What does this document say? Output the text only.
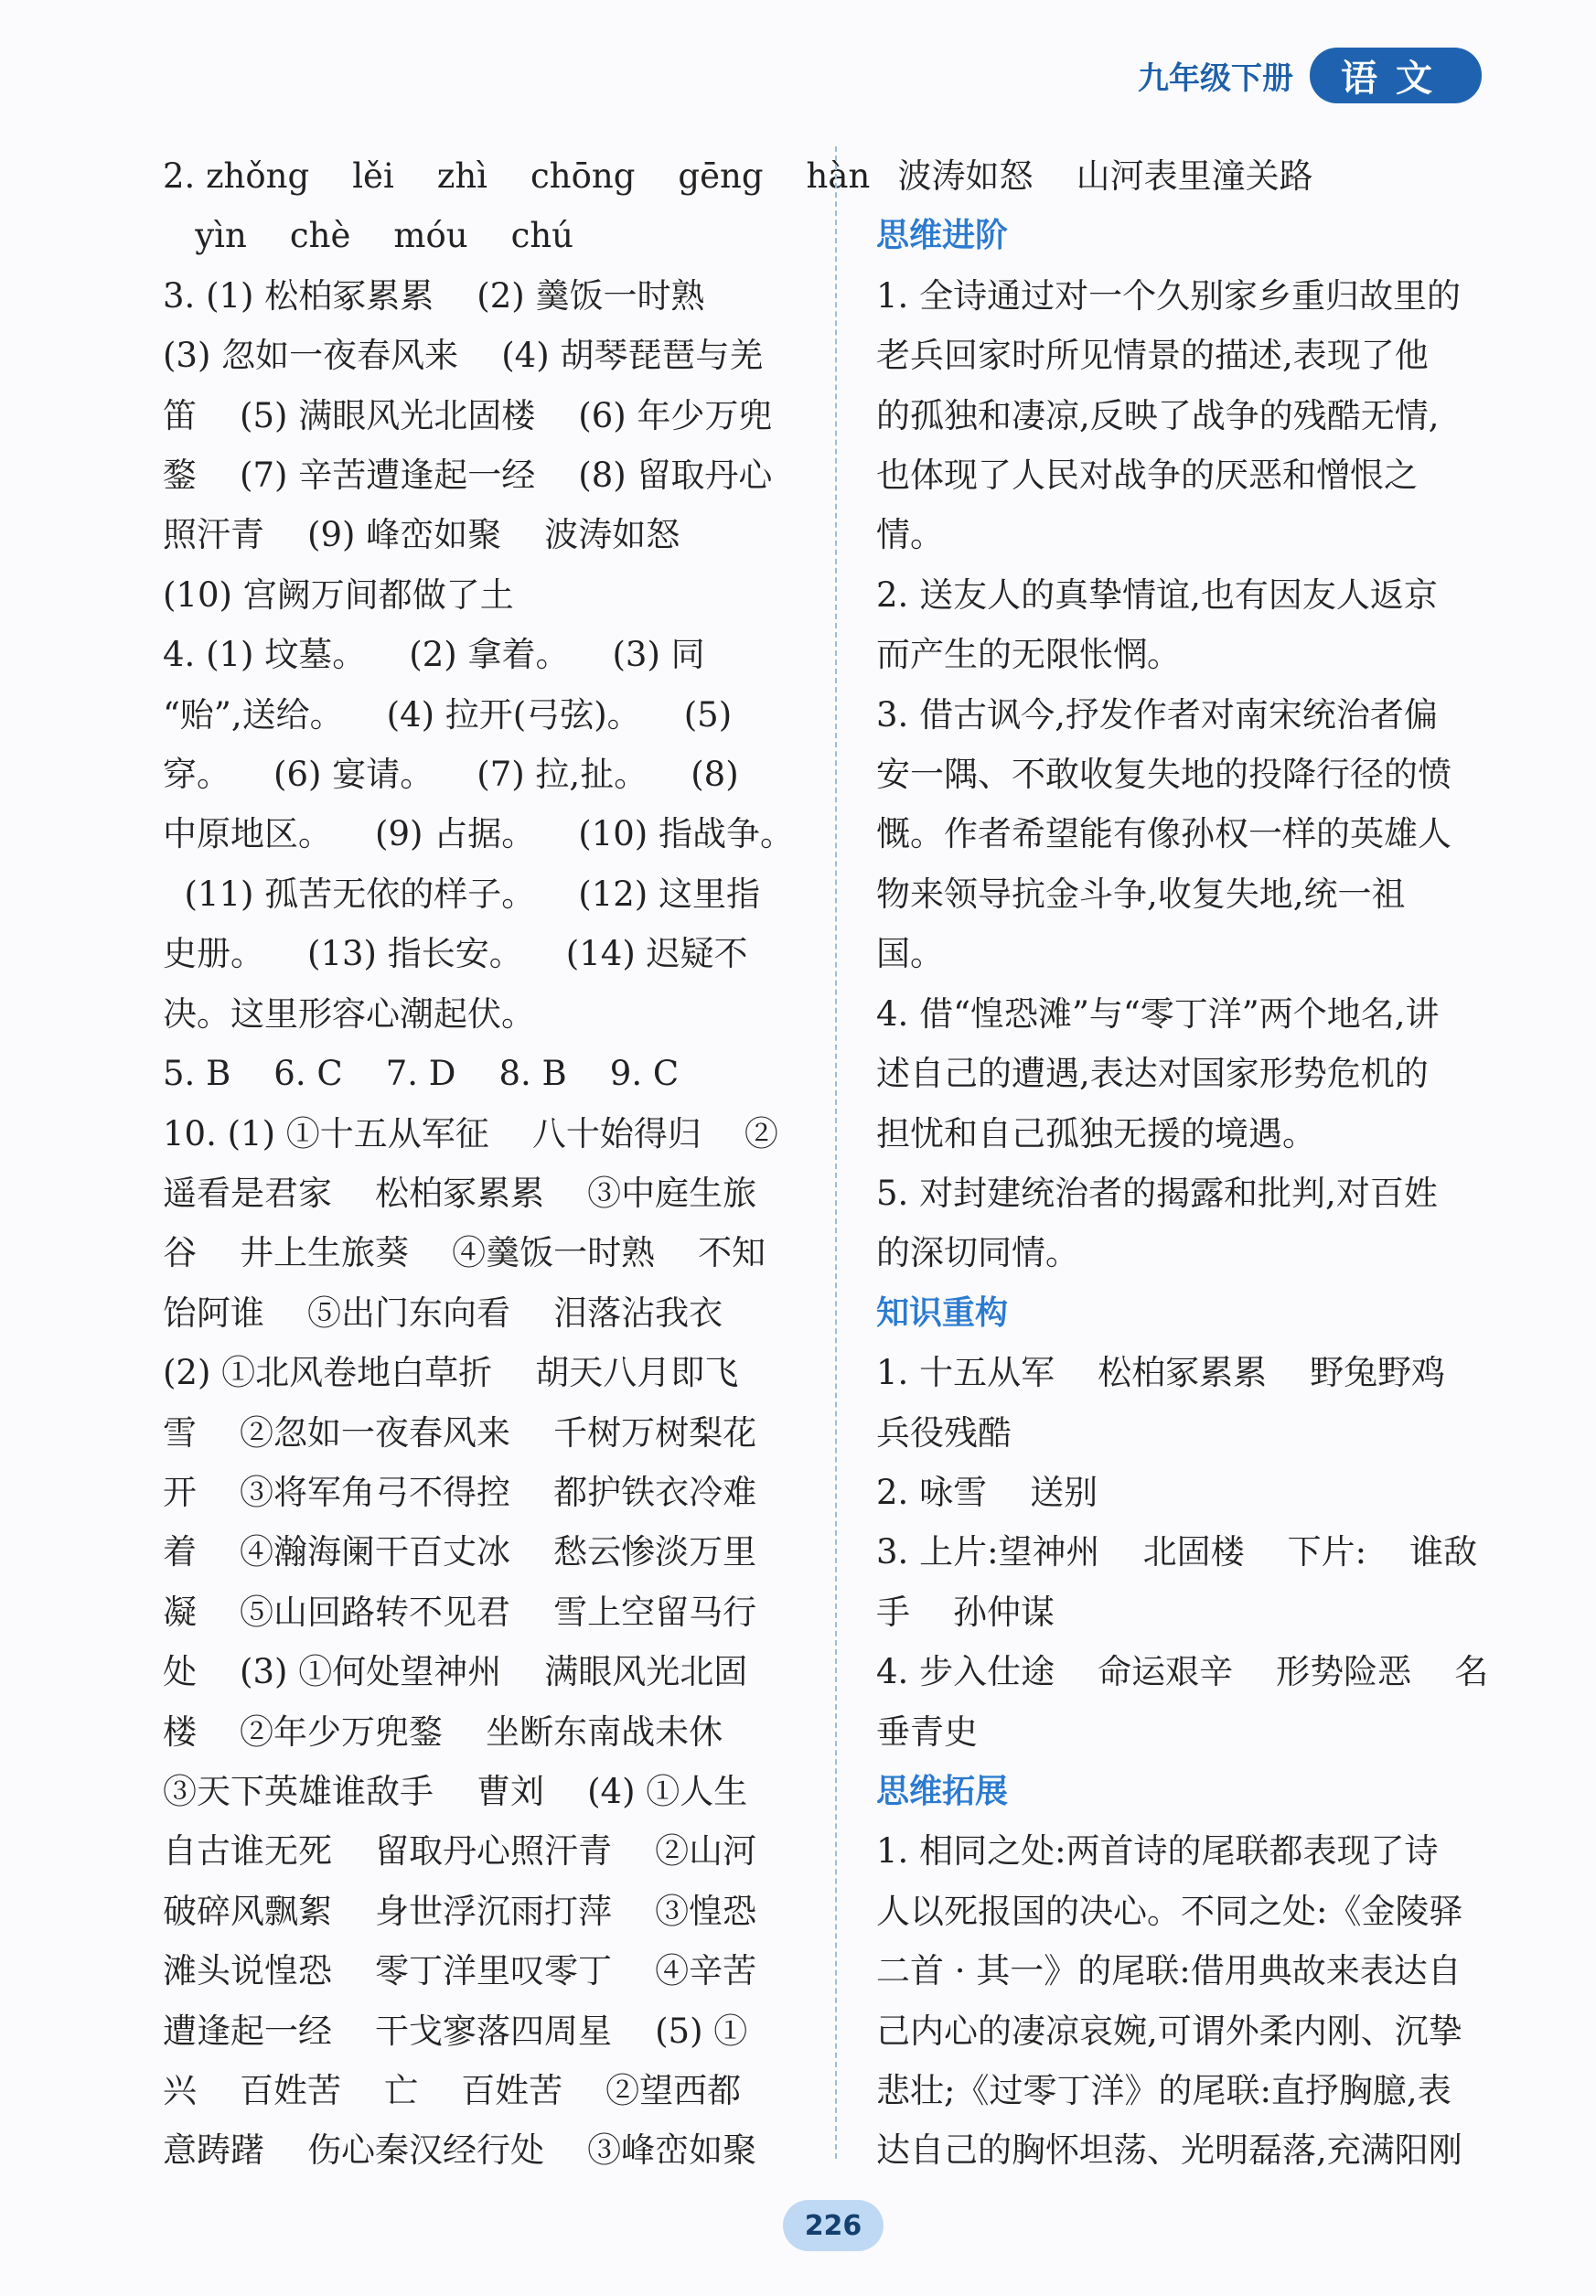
九年级下册	语文
2. zhǒng    lěi    zhì    chōng    gēng    hàn
yìn    chè    móu    chú
3. (1) 松柏冢累累    (2) 羹饭一时熟
(3) 忽如一夜春风来    (4) 胡琴琵琶与羌
笛    (5) 满眼风光北固楼    (6) 年少万兜
鍪    (7) 辛苦遭逢起一经    (8) 留取丹心
照汗青    (9) 峰峦如聚    波涛如怒
(10) 宫阙万间都做了土
4. (1) 坟墓。    (2) 拿着。    (3) 同
“贻”,送给。    (4) 拉开(弓弦)。    (5)
穿。    (6) 宴请。    (7) 拉,扯。    (8)
中原地区。    (9) 占据。    (10) 指战争。
(11) 孤苦无依的样子。    (12) 这里指
史册。    (13) 指长安。    (14) 迟疑不
决。这里形容心潮起伏。
5. B    6. C    7. D    8. B    9. C
10. (1) ①十五从军征    八十始得归    ②
遥看是君家    松柏冢累累    ③中庭生旅
谷    井上生旅葵    ④羹饭一时熟    不知
饴阿谁    ⑤出门东向看    泪落沾我衣
(2) ①北风卷地白草折    胡天八月即飞
雪    ②忽如一夜春风来    千树万树梨花
开    ③将军角弓不得控    都护铁衣冷难
着    ④瀚海阑干百丈冰    愁云惨淡万里
凝    ⑤山回路转不见君    雪上空留马行
处    (3) ①何处望神州    满眼风光北固
楼    ②年少万兜鍪    坐断东南战未休
③天下英雄谁敌手    曹刘    (4) ①人生
自古谁无死    留取丹心照汗青    ②山河
破碎风飘絮    身世浮沉雨打萍    ③惶恐
滩头说惶恐    零丁洋里叹零丁    ④辛苦
遭逢起一经    干戈寥落四周星    (5) ①
兴    百姓苦    亡    百姓苦    ②望西都
意踌躇    伤心秦汉经行处    ③峰峦如聚
波涛如怒    山河表里潼关路
思维进阶
1. 全诗通过对一个久别家乡重归故里的
老兵回家时所见情景的描述,表现了他
的孤独和凄凉,反映了战争的残酷无情,
也体现了人民对战争的厌恶和憎恨之
情。
2. 送友人的真挚情谊,也有因友人返京
而产生的无限怅惘。
3. 借古讽今,抒发作者对南宋统治者偏
安一隅、不敢收复失地的投降行径的愤
慨。作者希望能有像孙权一样的英雄人
物来领导抗金斗争,收复失地,统一祖
国。
4. 借“惶恐滩”与“零丁洋”两个地名,讲
述自己的遭遇,表达对国家形势危机的
担忧和自己孤独无援的境遇。
5. 对封建统治者的揭露和批判,对百姓
的深切同情。
知识重构
1. 十五从军    松柏冢累累    野兔野鸡
兵役残酷
2. 咏雪    送别
3. 上片:望神州    北固楼    下片:    谁敌
手    孙仲谋
4. 步入仕途    命运艰辛    形势险恶    名
垂青史
思维拓展
1. 相同之处:两首诗的尾联都表现了诗
人以死报国的决心。不同之处:《金陵驿
二首 · 其一》的尾联:借用典故来表达自
己内心的凄凉哀婉,可谓外柔内刚、沉挚
悲壮;《过零丁洋》的尾联:直抒胸臆,表
达自己的胸怀坦荡、光明磊落,充满阳刚
226
